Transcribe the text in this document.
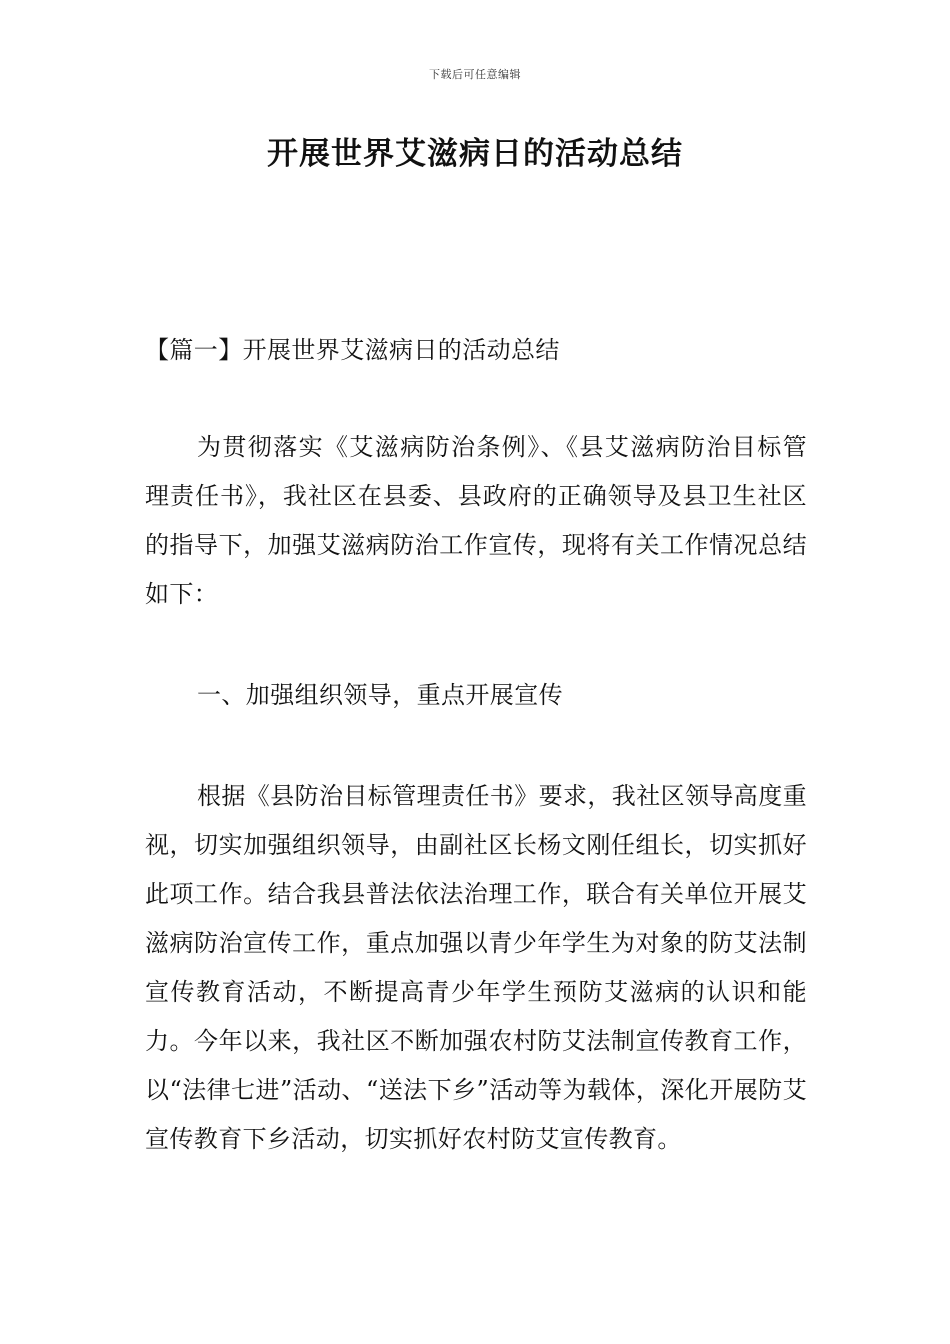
下载后可任意编辑
开展世界艾滋病日的活动总结

【篇一】开展世界艾滋病日的活动总结

为贯彻落实《艾滋病防治条例》、《县艾滋病防治目标管理责任书》，我社区在县委、县政府的正确领导及县卫生社区的指导下，加强艾滋病防治工作宣传，现将有关工作情况总结如下：

一、加强组织领导，重点开展宣传

根据《县防治目标管理责任书》要求，我社区领导高度重视，切实加强组织领导，由副社区长杨文刚任组长，切实抓好此项工作。结合我县普法依法治理工作，联合有关单位开展艾滋病防治宣传工作，重点加强以青少年学生为对象的防艾法制宣传教育活动，不断提高青少年学生预防艾滋病的认识和能力。今年以来，我社区不断加强农村防艾法制宣传教育工作，以“法律七进”活动、“送法下乡”活动等为载体，深化开展防艾宣传教育下乡活动，切实抓好农村防艾宣传教育。
